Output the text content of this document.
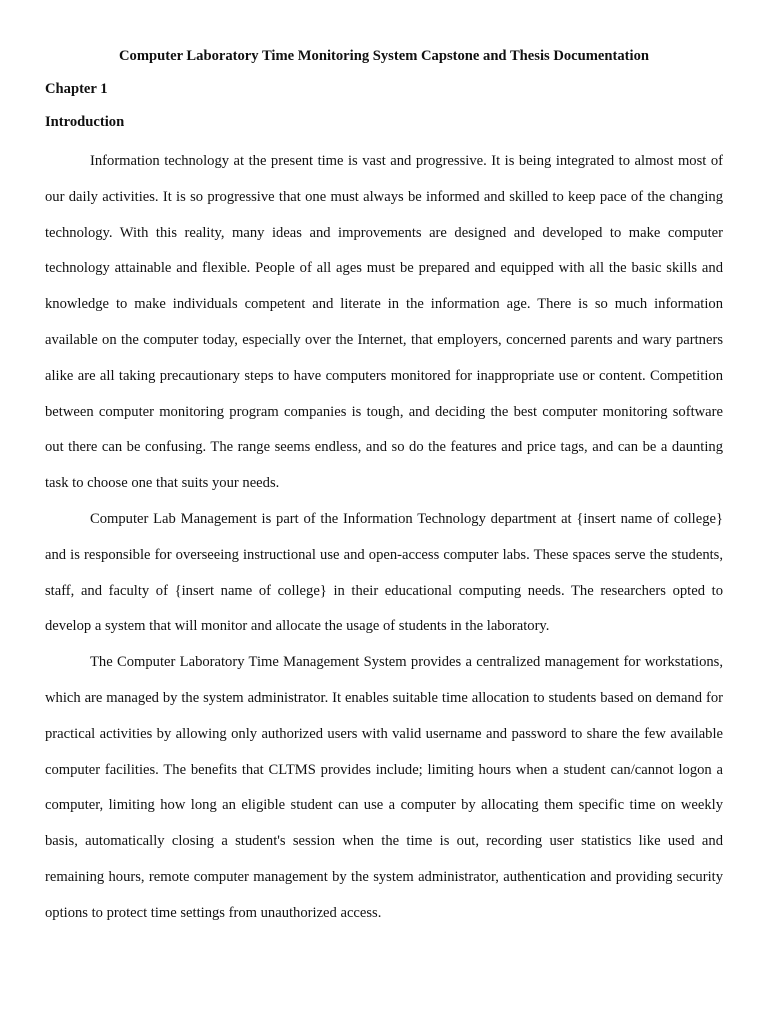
Computer Laboratory Time Monitoring System Capstone and Thesis Documentation
Chapter 1
Introduction

Information technology at the present time is vast and progressive. It is being integrated to almost most of our daily activities. It is so progressive that one must always be informed and skilled to keep pace of the changing technology. With this reality, many ideas and improvements are designed and developed to make computer technology attainable and flexible. People of all ages must be prepared and equipped with all the basic skills and knowledge to make individuals competent and literate in the information age. There is so much information available on the computer today, especially over the Internet, that employers, concerned parents and wary partners alike are all taking precautionary steps to have computers monitored for inappropriate use or content. Competition between computer monitoring program companies is tough, and deciding the best computer monitoring software out there can be confusing. The range seems endless, and so do the features and price tags, and can be a daunting task to choose one that suits your needs.

Computer Lab Management is part of the Information Technology department at {insert name of college} and is responsible for overseeing instructional use and open-access computer labs. These spaces serve the students, staff, and faculty of {insert name of college} in their educational computing needs. The researchers opted to develop a system that will monitor and allocate the usage of students in the laboratory.

The Computer Laboratory Time Management System provides a centralized management for workstations, which are managed by the system administrator. It enables suitable time allocation to students based on demand for practical activities by allowing only authorized users with valid username and password to share the few available computer facilities. The benefits that CLTMS provides include; limiting hours when a student can/cannot logon a computer, limiting how long an eligible student can use a computer by allocating them specific time on weekly basis, automatically closing a student's session when the time is out, recording user statistics like used and remaining hours, remote computer management by the system administrator, authentication and providing security options to protect time settings from unauthorized access.
